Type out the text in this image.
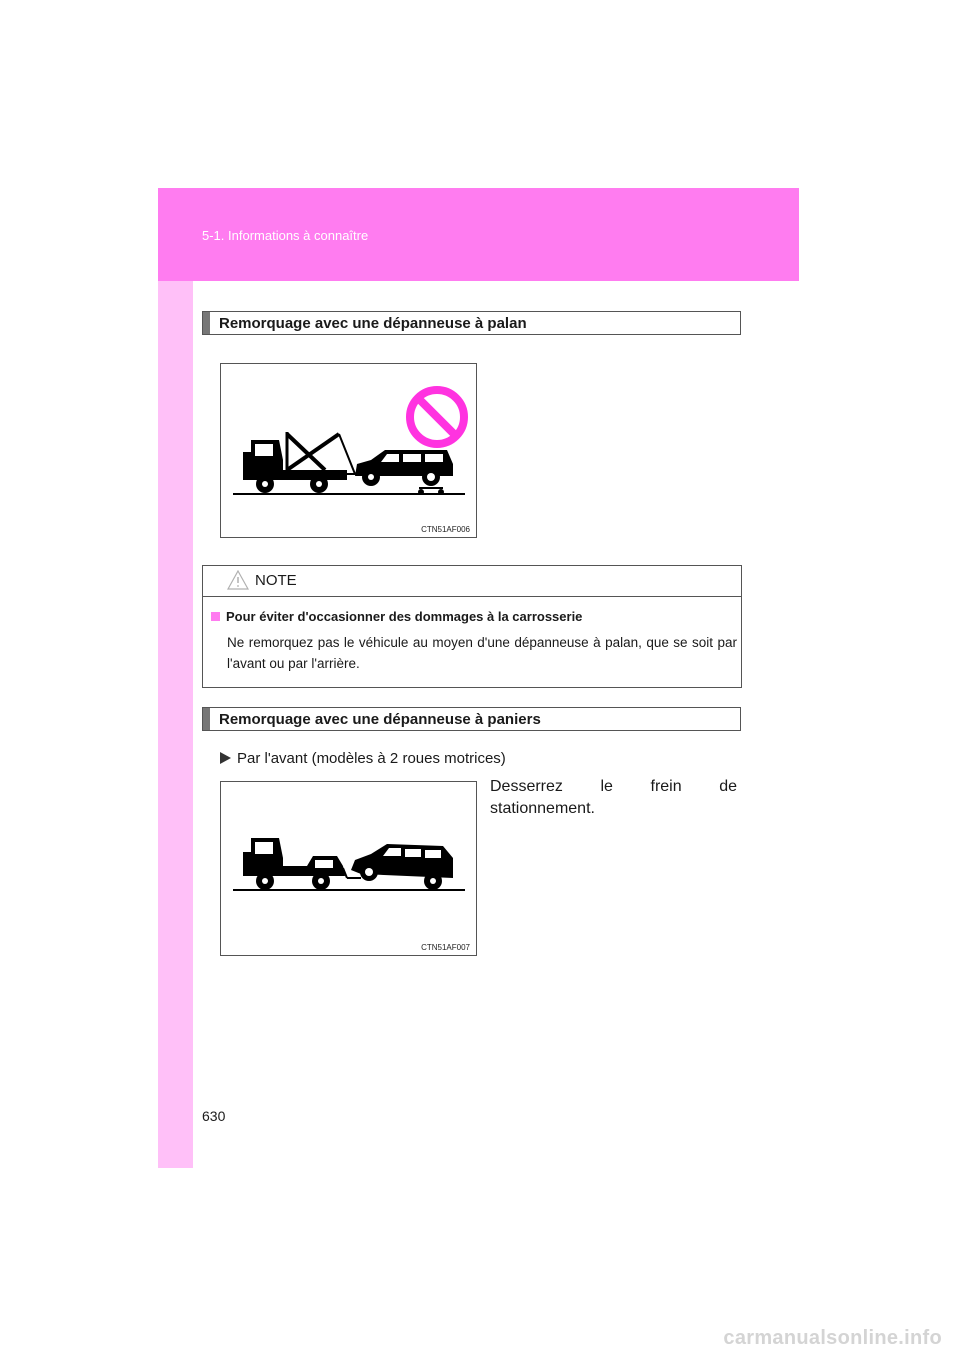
5-1. Informations à connaître
Remorquage avec une dépanneuse à palan
CTN51AF006
NOTE
Pour éviter d'occasionner des dommages à la carrosserie
Ne remorquez pas le véhicule au moyen d'une dépanneuse à palan, que se soit par l'avant ou par l'arrière.
Remorquage avec une dépanneuse à paniers
Par l'avant (modèles à 2 roues motrices)
Desserrez le frein de
stationnement.
CTN51AF007
630
carmanualsonline.info
